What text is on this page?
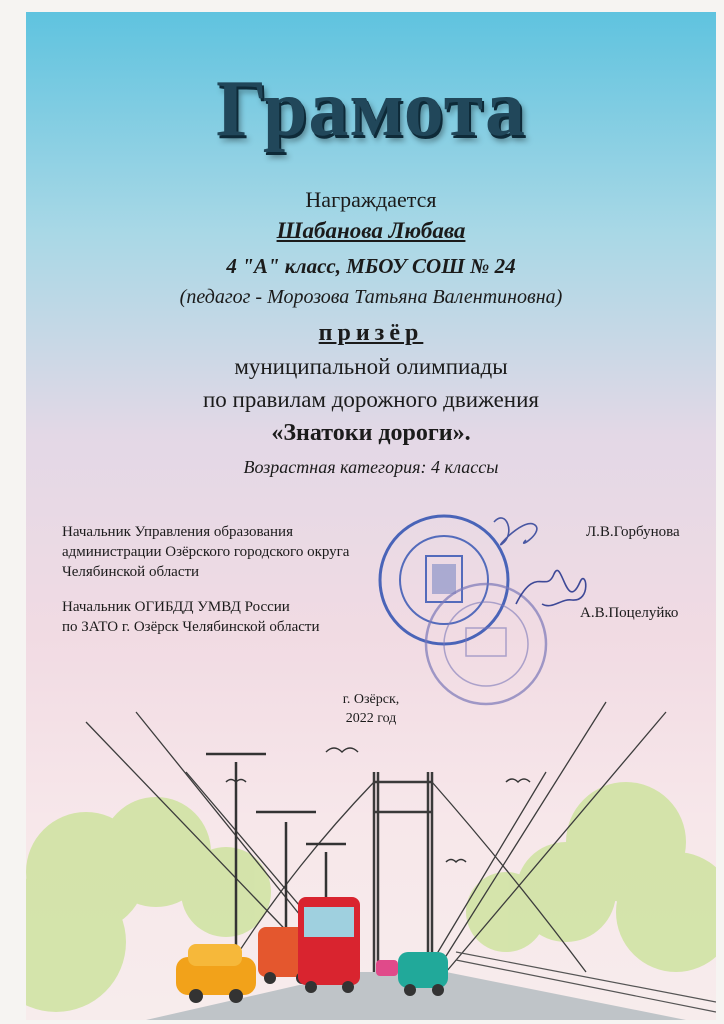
Грамота
Награждается
Шабанова Любава
4 "А" класс, МБОУ СОШ № 24
(педагог - Морозова Татьяна Валентиновна)
призёр
муниципальной олимпиады
по правилам дорожного движения
«Знатоки дороги».
Возрастная категория: 4 классы
Начальник Управления образования
администрации Озёрского городского округа
Челябинской области
Л.В.Горбунова
Начальник ОГИБДД УМВД России
по ЗАТО г. Озёрск Челябинской области
А.В.Поцелуйко
г. Озёрск,
2022 год
